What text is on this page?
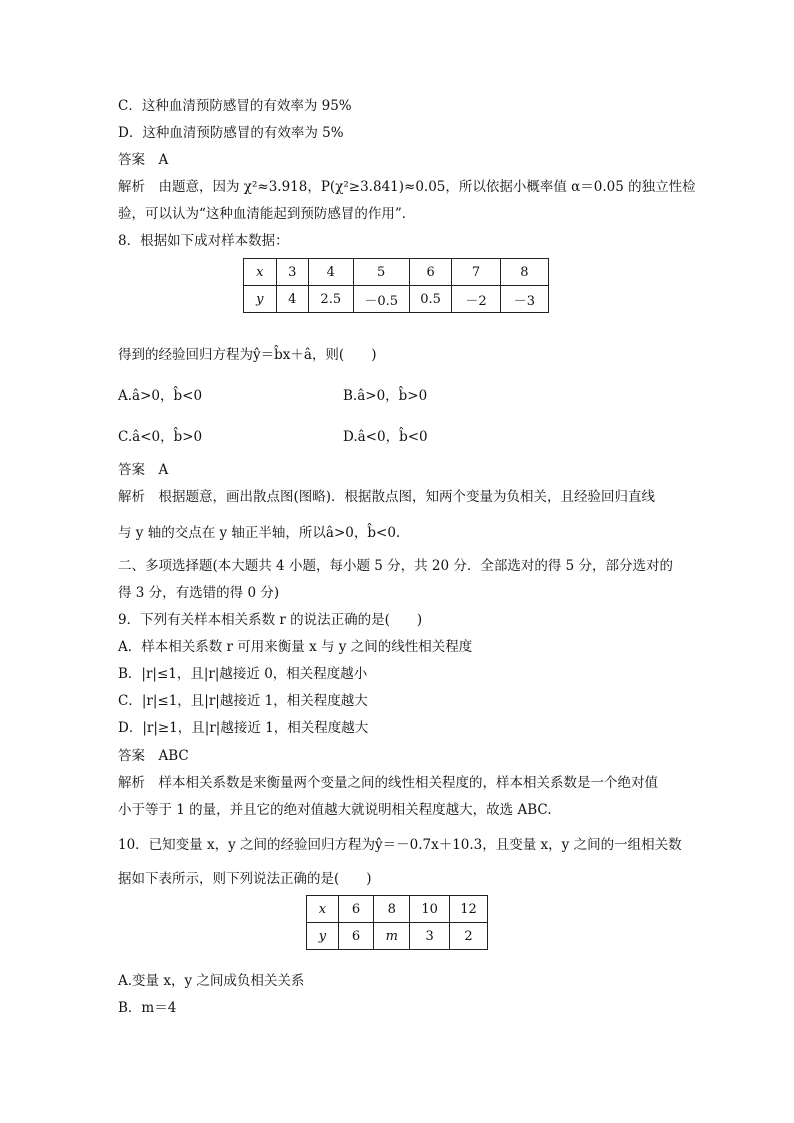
C．这种血清预防感冒的有效率为 95%
D．这种血清预防感冒的有效率为 5%
答案　A
解析　由题意，因为 χ²≈3.918，P(χ²≥3.841)≈0.05，所以依据小概率值 α＝0.05 的独立性检
验，可以认为“这种血清能起到预防感冒的作用”．
8．根据如下成对样本数据：
x	3	4	5	6	7	8
y	4	2.5	－0.5	0.5	－2	－3
得到的经验回归方程为ŷ＝b̂x＋â，则(　　)
A.â>0，b̂<0	B.â>0，b̂>0
C.â<0，b̂>0	D.â<0，b̂<0
答案　A
解析　根据题意，画出散点图(图略)．根据散点图，知两个变量为负相关，且经验回归直线
与 y 轴的交点在 y 轴正半轴，所以â>0，b̂<0.
二、多项选择题(本大题共 4 小题，每小题 5 分，共 20 分．全部选对的得 5 分，部分选对的
得 3 分，有选错的得 0 分)
9．下列有关样本相关系数 r 的说法正确的是(　　)
A．样本相关系数 r 可用来衡量 x 与 y 之间的线性相关程度
B．|r|≤1，且|r|越接近 0，相关程度越小
C．|r|≤1，且|r|越接近 1，相关程度越大
D．|r|≥1，且|r|越接近 1，相关程度越大
答案　ABC
解析　样本相关系数是来衡量两个变量之间的线性相关程度的，样本相关系数是一个绝对值
小于等于 1 的量，并且它的绝对值越大就说明相关程度越大，故选 ABC.
10．已知变量 x，y 之间的经验回归方程为ŷ＝－0.7x＋10.3，且变量 x，y 之间的一组相关数
据如下表所示，则下列说法正确的是(　　)
x	6	8	10	12
y	6	m	3	2
A.变量 x，y 之间成负相关关系
B．m＝4
